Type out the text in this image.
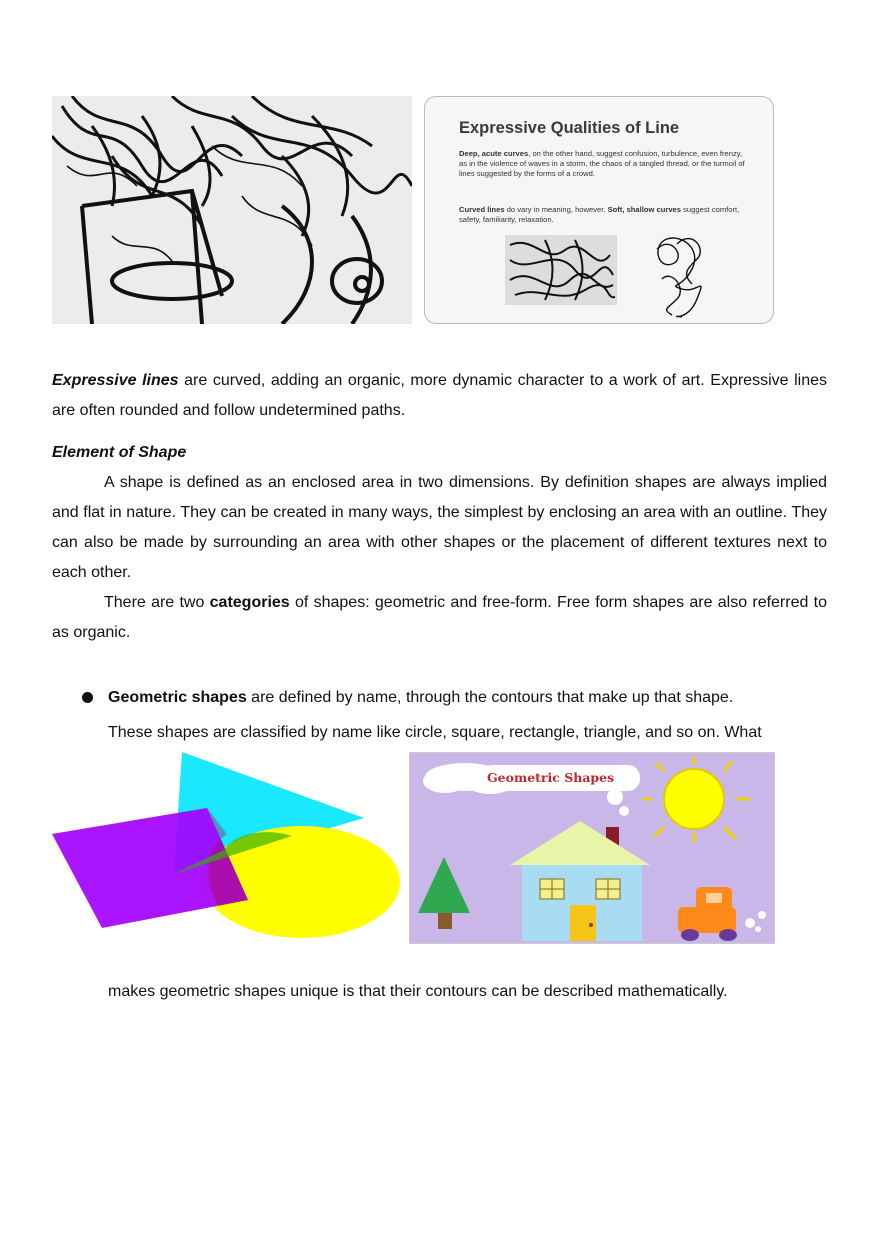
Expressive Qualities of Line
Deep, acute curves, on the other hand, suggest confusion, turbulence, even frenzy, as in the violence of waves in a storm, the chaos of a tangled thread, or the turmoil of lines suggested by the forms of a crowd.
Curved lines do vary in meaning, however. Soft, shallow curves suggest comfort, safety, familiarity, relaxation.
Expressive lines are curved, adding an organic, more dynamic character to a work of art. Expressive lines are often rounded and follow undetermined paths.
Element of Shape
A shape is defined as an enclosed area in two dimensions. By definition shapes are always implied and flat in nature. They can be created in many ways, the simplest by enclosing an area with an outline. They can also be made by surrounding an area with other shapes or the placement of different textures next to each other.
There are two categories of shapes: geometric and free-form. Free form shapes are also referred to as organic.
Geometric shapes are defined by name, through the contours that make up that shape.
These shapes are classified by name like circle, square, rectangle, triangle, and so on. What
Geometric Shapes
makes geometric shapes unique is that their contours can be described mathematically.
